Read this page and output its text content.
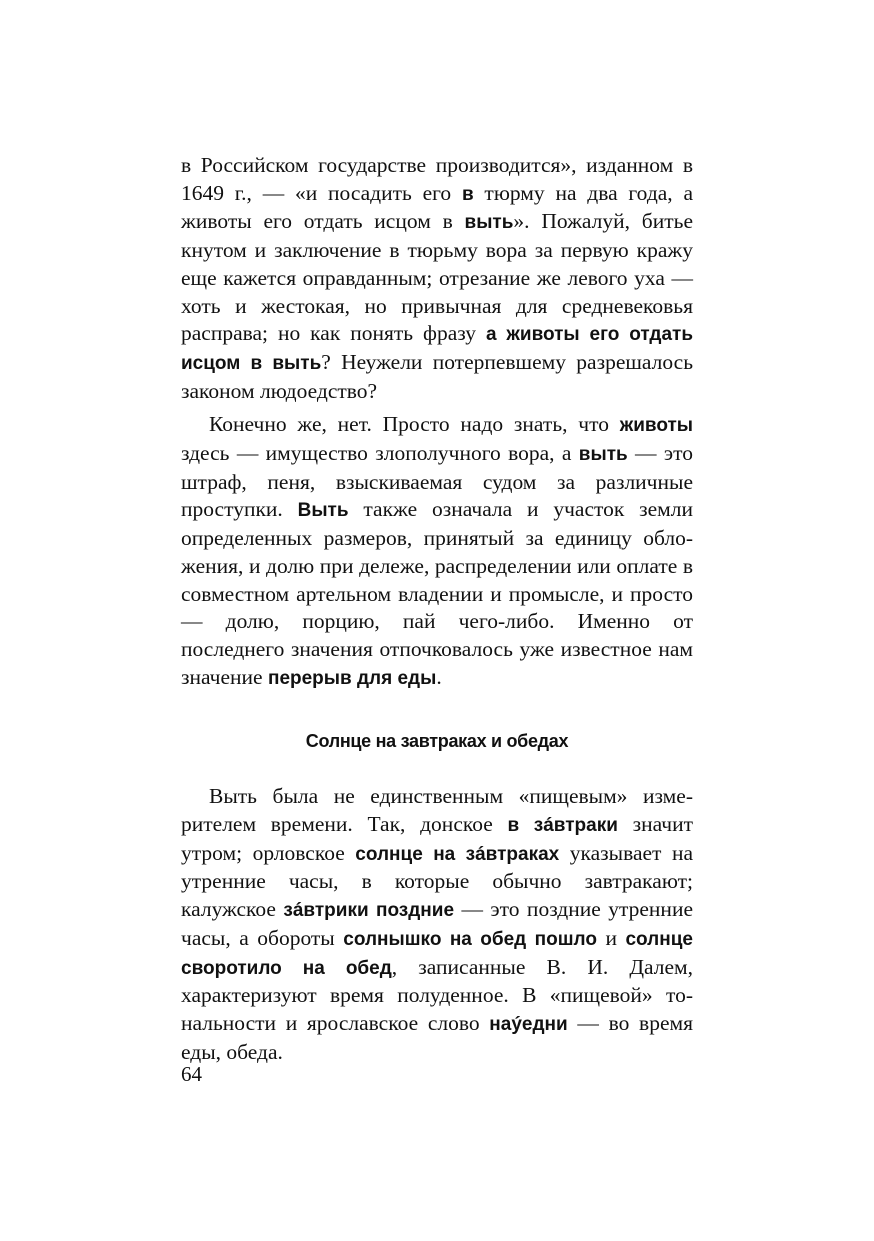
в Российском государстве производится», изданном в 1649 г., — «и посадить его в тюрму на два года, а животы его отдать исцом в выть». Пожалуй, битье кнутом и заключение в тюрьму вора за первую кражу еще кажется оправданным; отрезание же левого уха — хоть и жестокая, но привычная для средневековья расправа; но как понять фразу а животы его отдать исцом в выть? Неужели потерпевшему разрешалось законом людоедство?

Конечно же, нет. Просто надо знать, что животы здесь — имущество злополучного вора, а выть — это штраф, пеня, взыскиваемая судом за различные проступки. Выть также означала и участок земли определенных размеров, принятый за единицу обложения, и долю при дележе, распределении или оплате в совместном артельном владении и промысле, и просто — долю, порцию, пай чего-либо. Именно от последнего значения отпочковалось уже известное нам значение перерыв для еды.

Солнце на завтраках и обедах

Выть была не единственным «пищевым» измерителем времени. Так, донское в зáвтраки значит утром; орловское солнце на зáвтраках указывает на утренние часы, в которые обычно завтракают; калужское зáвтрики поздние — это поздние утренние часы, а обороты солнышко на обед пошло и солнце своротило на обед, записанные В. И. Далем, характеризуют время полуденное. В «пищевой» тональности и ярославское слово наýедни — во время еды, обеда.

64
